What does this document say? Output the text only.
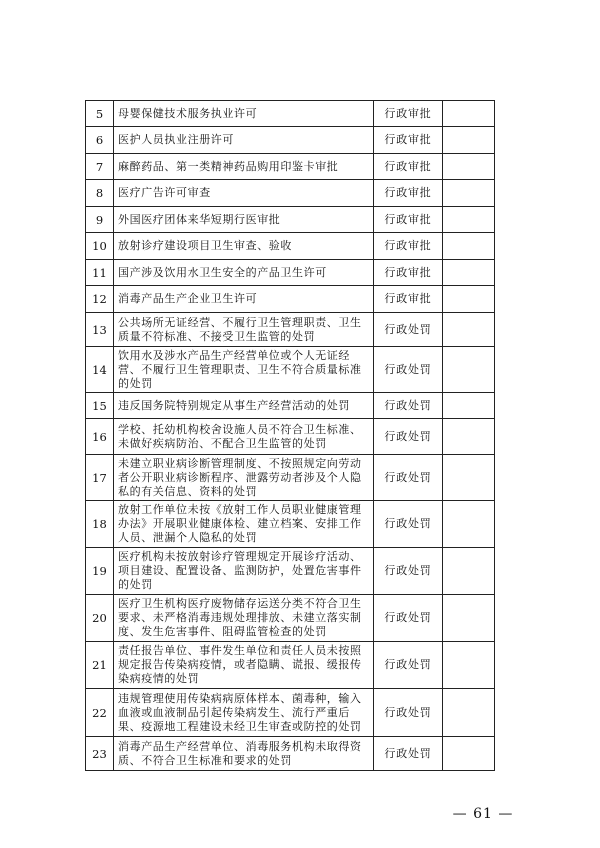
5	母婴保健技术服务执业许可	行政审批	
6	医护人员执业注册许可	行政审批	
7	麻醉药品、第一类精神药品购用印鉴卡审批	行政审批	
8	医疗广告许可审查	行政审批	
9	外国医疗团体来华短期行医审批	行政审批	
10	放射诊疗建设项目卫生审查、验收	行政审批	
11	国产涉及饮用水卫生安全的产品卫生许可	行政审批	
12	消毒产品生产企业卫生许可	行政审批	
13	公共场所无证经营、不履行卫生管理职责、卫生质量不符标准、不接受卫生监管的处罚	行政处罚	
14	饮用水及涉水产品生产经营单位或个人无证经营、不履行卫生管理职责、卫生不符合质量标准的处罚	行政处罚	
15	违反国务院特别规定从事生产经营活动的处罚	行政处罚	
16	学校、托幼机构校舍设施人员不符合卫生标准、未做好疾病防治、不配合卫生监管的处罚	行政处罚	
17	未建立职业病诊断管理制度、不按照规定向劳动者公开职业病诊断程序、泄露劳动者涉及个人隐私的有关信息、资料的处罚	行政处罚	
18	放射工作单位未按《放射工作人员职业健康管理办法》开展职业健康体检、建立档案、安排工作人员、泄漏个人隐私的处罚	行政处罚	
19	医疗机构未按放射诊疗管理规定开展诊疗活动、项目建设、配置设备、监测防护，处置危害事件的处罚	行政处罚	
20	医疗卫生机构医疗废物储存运送分类不符合卫生要求、未严格消毒违规处理排放、未建立落实制度、发生危害事件、阻碍监管检查的处罚	行政处罚	
21	责任报告单位、事件发生单位和责任人员未按照规定报告传染病疫情，或者隐瞒、谎报、缓报传染病疫情的处罚	行政处罚	
22	违规管理使用传染病病原体样本、菌毒种，输入血液或血液制品引起传染病发生、流行严重后果、疫源地工程建设未经卫生审查或防控的处罚	行政处罚	
23	消毒产品生产经营单位、消毒服务机构未取得资质、不符合卫生标准和要求的处罚	行政处罚	
— 61 —
